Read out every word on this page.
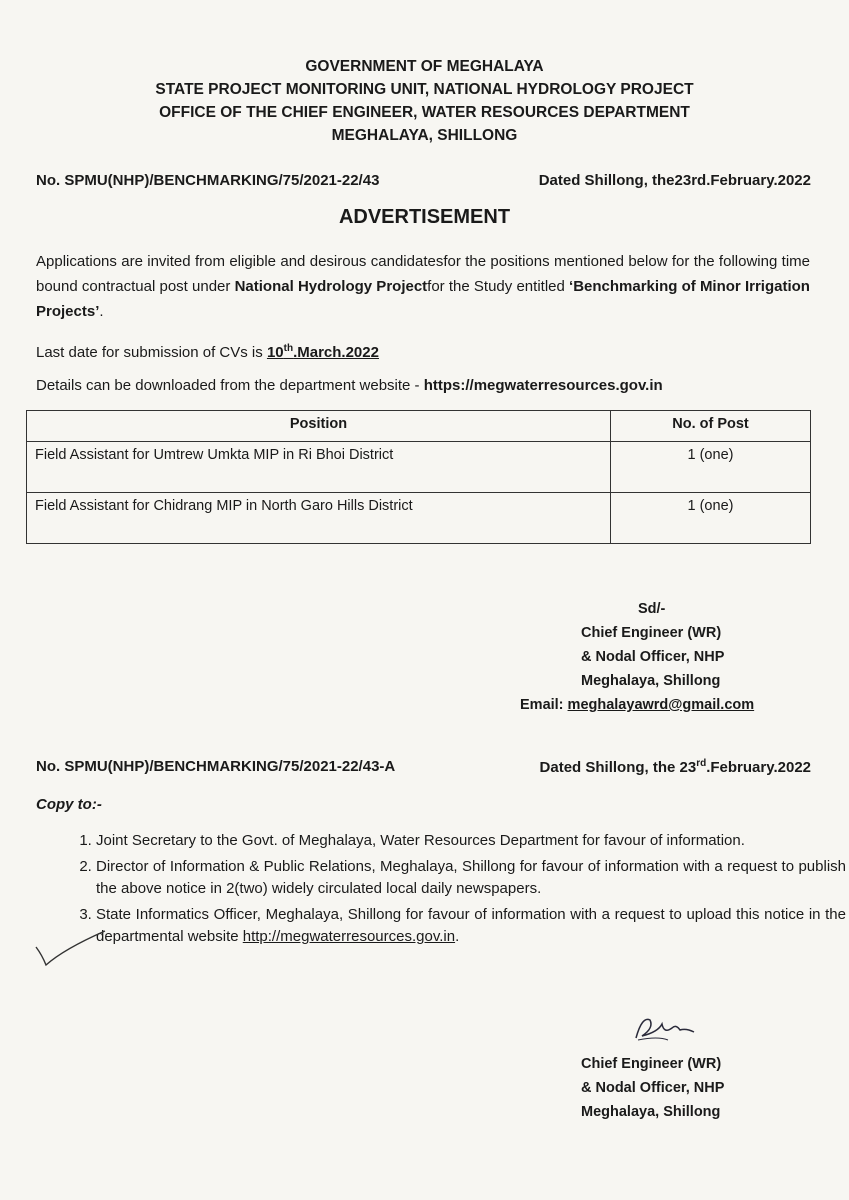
GOVERNMENT OF MEGHALAYA
STATE PROJECT MONITORING UNIT, NATIONAL HYDROLOGY PROJECT
OFFICE OF THE CHIEF ENGINEER, WATER RESOURCES DEPARTMENT
MEGHALAYA, SHILLONG
No. SPMU(NHP)/BENCHMARKING/75/2021-22/43	Dated Shillong, the23rd.February.2022
ADVERTISEMENT
Applications are invited from eligible and desirous candidatesfor the positions mentioned below for the following time bound contractual post under National Hydrology Projectfor the Study entitled ‘Benchmarking of Minor Irrigation Projects’.
Last date for submission of CVs is 10th.March.2022
Details can be downloaded from the department website - https://megwaterresources.gov.in
Position	No. of Post
Field Assistant for Umtrew Umkta MIP in Ri Bhoi District	1 (one)
Field Assistant for Chidrang MIP in North Garo Hills District	1 (one)
Sd/-
Chief Engineer (WR)
& Nodal Officer, NHP
Meghalaya, Shillong
Email: meghalayawrd@gmail.com
No. SPMU(NHP)/BENCHMARKING/75/2021-22/43-A	Dated Shillong, the 23rd.February.2022
Copy to:-
1. Joint Secretary to the Govt. of Meghalaya, Water Resources Department for favour of information.
2. Director of Information & Public Relations, Meghalaya, Shillong for favour of information with a request to publish the above notice in 2(two) widely circulated local daily newspapers.
3. State Informatics Officer, Meghalaya, Shillong for favour of information with a request to upload this notice in the departmental website http://megwaterresources.gov.in.
Chief Engineer (WR)
& Nodal Officer, NHP
Meghalaya, Shillong
